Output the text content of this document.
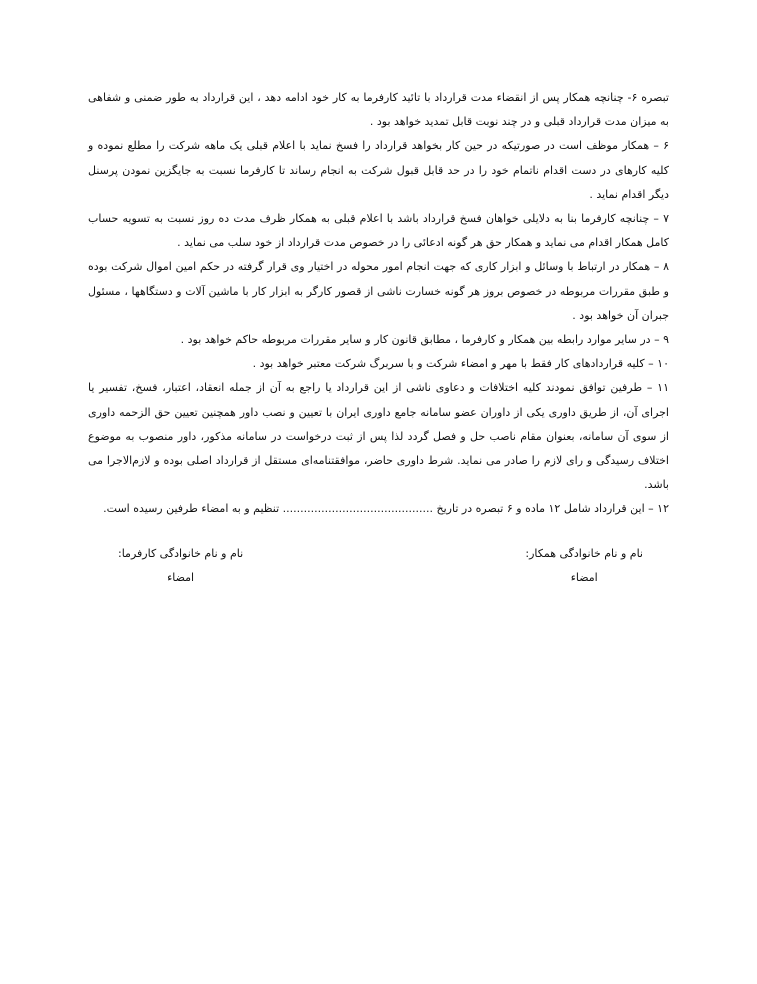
تبصره ۶- چنانچه همکار پس از انقضاء مدت قرارداد با تائید کارفرما به کار خود ادامه دهد ، این قرارداد به طور ضمنی و شفاهی به میزان مدت قرارداد قبلی و در چند نوبت قابل تمدید خواهد بود .

۶ – همکار موظف است در صورتیکه در حین کار بخواهد قرارداد را فسخ نماید با اعلام قبلی یک ماهه شرکت را مطلع نموده و کلیه کارهای در دست اقدام ناتمام خود را در حد قابل قبول شرکت به انجام رساند تا کارفرما نسبت به جایگزین نمودن پرسنل دیگر اقدام نماید .

۷ – چنانچه کارفرما بنا به دلایلی خواهان فسخ قرارداد باشد با اعلام قبلی به همکار ظرف مدت ده روز نسبت به تسویه حساب کامل همکار اقدام می نماید و همکار حق هر گونه ادعائی را در خصوص مدت قرارداد از خود سلب می نماید .

۸ – همکار در ارتباط با وسائل و ابزار کاری که جهت انجام امور محوله در اختیار وی قرار گرفته در حکم امین اموال شرکت بوده و طبق مقررات مربوطه در خصوص بروز هر گونه خسارت ناشی از قصور کارگر به ابزار کار با ماشین آلات و دستگاهها ، مسئول جبران آن خواهد بود .

۹ – در سایر موارد رابطه بین همکار و کارفرما ، مطابق قانون کار و سایر مقررات مربوطه حاکم خواهد بود .

۱۰ – کلیه قراردادهای کار فقط با مهر و امضاء شرکت و با سربرگ شرکت معتبر خواهد بود .

۱۱ – طرفین توافق نمودند کلیه اختلافات و دعاوی ناشی از این قرارداد یا راجع به آن از جمله انعقاد، اعتبار، فسخ، تفسیر یا اجرای آن، از طریق داوری یکی از داوران عضو سامانه جامع داوری ایران با تعیین و نصب داور همچنین تعیین حق الزحمه داوری از سوی آن سامانه، بعنوان مقام ناصب حل و فصل گردد لذا پس از ثبت درخواست در سامانه مذکور، داور منصوب به موضوع اختلاف رسیدگی و رای لازم را صادر می نماید. شرط داوری حاضر، موافقتنامه‌ای مستقل از قرارداد اصلی بوده و لازم‌الاجرا می باشد.

۱۲ – این قرارداد شامل ۱۲ ماده و ۶ تبصره در تاریخ ........................................... تنظیم و به امضاء طرفین رسیده است.

نام و نام خانوادگی همکار:
امضاء
نام و نام خانوادگی کارفرما:
امضاء
